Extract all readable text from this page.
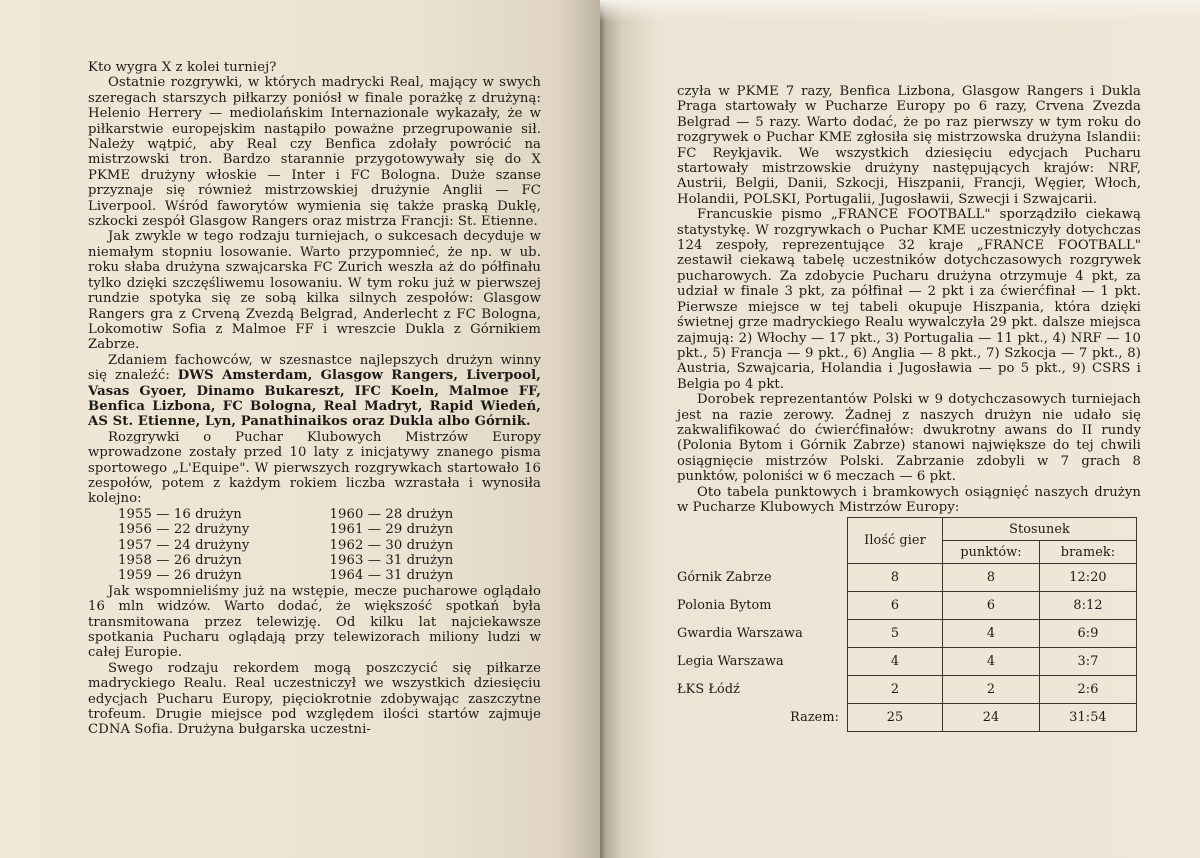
Kto wygra X z kolei turniej?

Ostatnie rozgrywki, w których madrycki Real, mający w swych szeregach starszych piłkarzy poniósł w finale porażkę z drużyną: Helenio Herrery — mediolańskim Internazionale wykazały, że w piłkarstwie europejskim nastąpiło poważne przegrupowanie sił. Należy wątpić, aby Real czy Benfica zdołały powrócić na mistrzowski tron. Bardzo starannie przygotowywały się do X PKME drużyny włoskie — Inter i FC Bologna. Duże szanse przyznaje się również mistrzowskiej drużynie Anglii — FC Liverpool. Wśród faworytów wymienia się także praską Duklę, szkocki zespół Glasgow Rangers oraz mistrza Francji: St. Etienne.

Jak zwykle w tego rodzaju turniejach, o sukcesach decyduje w niemałym stopniu losowanie. Warto przypomnieć, że np. w ub. roku słaba drużyna szwajcarska FC Zurich weszła aż do półfinału tylko dzięki szczęśliwemu losowaniu. W tym roku już w pierwszej rundzie spotyka się ze sobą kilka silnych zespołów: Glasgow Rangers gra z Crveną Zvezdą Belgrad, Anderlecht z FC Bologna, Lokomotiw Sofia z Malmoe FF i wreszcie Dukla z Górnikiem Zabrze.

Zdaniem fachowców, w szesnastce najlepszych drużyn winny się znaleźć: DWS Amsterdam, Glasgow Rangers, Liverpool, Vasas Gyoer, Dinamo Bukareszt, IFC Koeln, Malmoe FF, Benfica Lizbona, FC Bologna, Real Madryt, Rapid Wiedeń, AS St. Etienne, Lyn, Panathinaikos oraz Dukla albo Górnik.

Rozgrywki o Puchar Klubowych Mistrzów Europy wprowadzone zostały przed 10 laty z inicjatywy znanego pisma sportowego „L'Equipe". W pierwszych rozgrywkach startowało 16 zespołów, potem z każdym rokiem liczba wzrastała i wynosiła kolejno:

1955 — 16 drużyn	1960 — 28 drużyn
1956 — 22 drużyny	1961 — 29 drużyn
1957 — 24 drużyny	1962 — 30 drużyn
1958 — 26 drużyn	1963 — 31 drużyn
1959 — 26 drużyn	1964 — 31 drużyn

Jak wspomnieliśmy już na wstępie, mecze pucharowe oglądało 16 mln widzów. Warto dodać, że większość spotkań była transmitowana przez telewizję. Od kilku lat najciekawsze spotkania Pucharu oglądają przy telewizorach miliony ludzi w całej Europie.

Swego rodzaju rekordem mogą poszczycić się piłkarze madryckiego Realu. Real uczestniczył we wszystkich dziesięciu edycjach Pucharu Europy, pięciokrotnie zdobywając zaszczytne trofeum. Drugie miejsce pod względem ilości startów zajmuje CDNA Sofia. Drużyna bułgarska uczestni-

czyła w PKME 7 razy, Benfica Lizbona, Glasgow Rangers i Dukla Praga startowały w Pucharze Europy po 6 razy, Crvena Zvezda Belgrad — 5 razy. Warto dodać, że po raz pierwszy w tym roku do rozgrywek o Puchar KME zgłosiła się mistrzowska drużyna Islandii: FC Reykjavik. We wszystkich dziesięciu edycjach Pucharu startowały mistrzowskie drużyny następujących krajów: NRF, Austrii, Belgii, Danii, Szkocji, Hiszpanii, Francji, Węgier, Włoch, Holandii, POLSKI, Portugalii, Jugosławii, Szwecji i Szwajcarii.

Francuskie pismo „FRANCE FOOTBALL" sporządziło ciekawą statystykę. W rozgrywkach o Puchar KME uczestniczyły dotychczas 124 zespoły, reprezentujące 32 kraje „FRANCE FOOTBALL" zestawił ciekawą tabelę uczestników dotychczasowych rozgrywek pucharowych. Za zdobycie Pucharu drużyna otrzymuje 4 pkt, za udział w finale 3 pkt, za półfinał — 2 pkt i za ćwierćfinał — 1 pkt. Pierwsze miejsce w tej tabeli okupuje Hiszpania, która dzięki świetnej grze madryckiego Realu wywalczyła 29 pkt. dalsze miejsca zajmują: 2) Włochy — 17 pkt., 3) Portugalia — 11 pkt., 4) NRF — 10 pkt., 5) Francja — 9 pkt., 6) Anglia — 8 pkt., 7) Szkocja — 7 pkt., 8) Austria, Szwajcaria, Holandia i Jugosławia — po 5 pkt., 9) CSRS i Belgia po 4 pkt.

Dorobek reprezentantów Polski w 9 dotychczasowych turniejach jest na razie zerowy. Żadnej z naszych drużyn nie udało się zakwalifikować do ćwierćfinałów: dwukrotny awans do II rundy (Polonia Bytom i Górnik Zabrze) stanowi największe do tej chwili osiągnięcie mistrzów Polski. Zabrzanie zdobyli w 7 grach 8 punktów, poloniści w 6 meczach — 6 pkt.

Oto tabela punktowych i bramkowych osiągnięć naszych drużyn w Pucharze Klubowych Mistrzów Europy:

	Ilość gier	Stosunek	
		punktów:	bramek:
Górnik Zabrze	8	8	12:20
Polonia Bytom	6	6	8:12
Gwardia Warszawa	5	4	6:9
Legia Warszawa	4	4	3:7
ŁKS Łódź	2	2	2:6
Razem:	25	24	31:54
